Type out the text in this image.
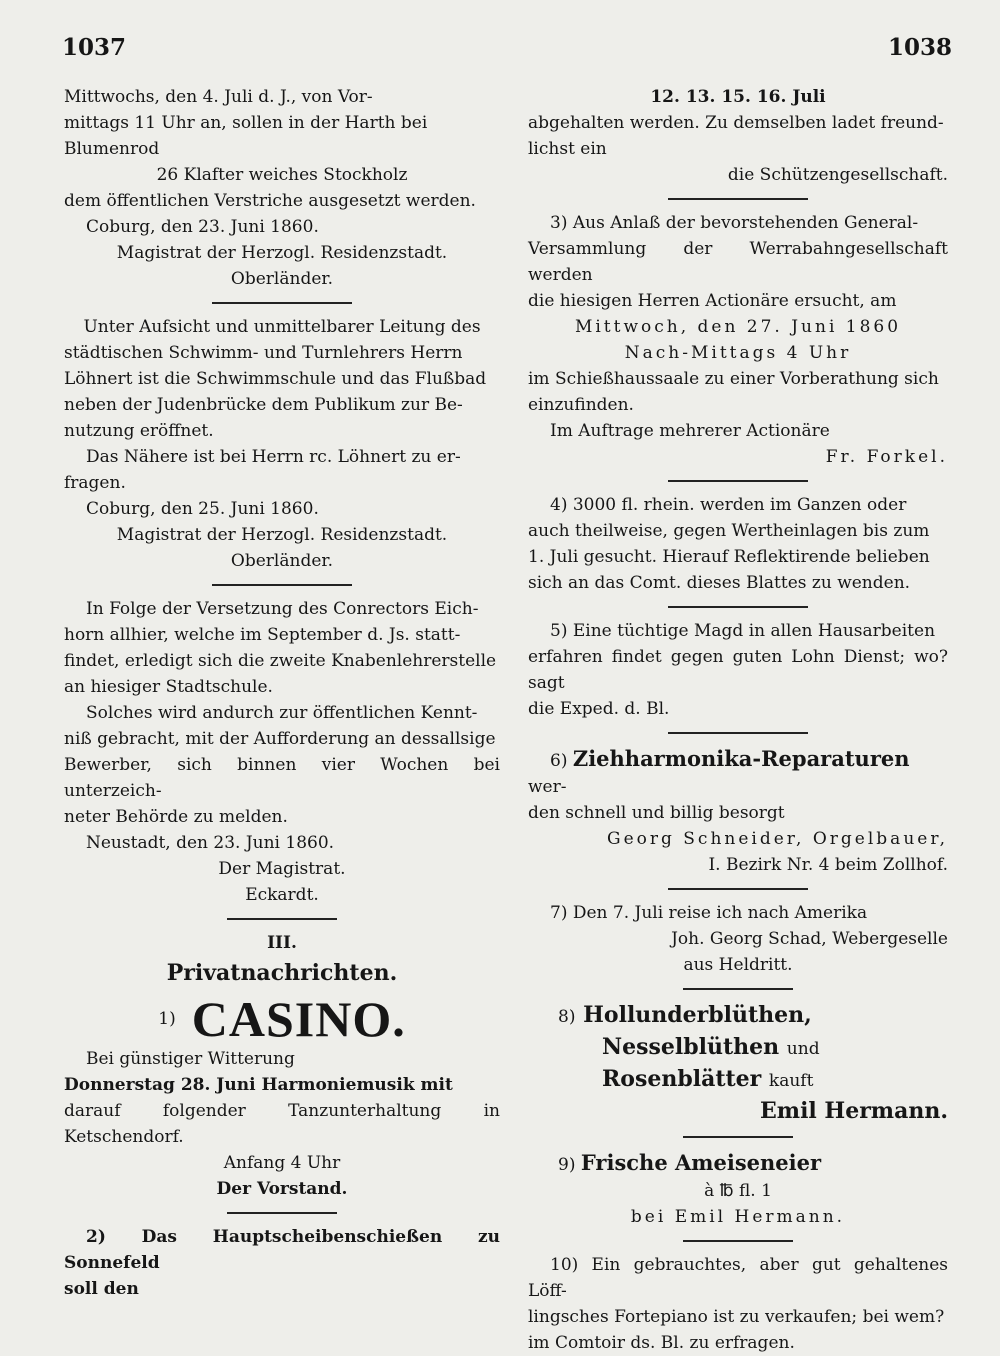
1037	1038

Mittwochs, den 4. Juli d. J., von Vor-

mittags 11 Uhr an, sollen in der Harth bei

Blumenrod

26 Klafter weiches Stockholz

dem öffentlichen Verstriche ausgesetzt werden.

Coburg, den 23. Juni 1860.

Magistrat der Herzogl. Residenzstadt.

Oberländer.

Unter Aufsicht und unmittelbarer Leitung des

städtischen Schwimm- und Turnlehrers Herrn

Löhnert ist die Schwimmschule und das Flußbad

neben der Judenbrücke dem Publikum zur Be-

nutzung eröffnet.

Das Nähere ist bei Herrn rc. Löhnert zu er-

fragen.

Coburg, den 25. Juni 1860.

Magistrat der Herzogl. Residenzstadt.

Oberländer.

In Folge der Versetzung des Conrectors Eich-

horn allhier, welche im September d. Js. statt-

findet, erledigt sich die zweite Knabenlehrerstelle

an hiesiger Stadtschule.

Solches wird andurch zur öffentlichen Kennt-

niß gebracht, mit der Aufforderung an dessallsige

Bewerber, sich binnen vier Wochen bei unterzeich-

neter Behörde zu melden.

Neustadt, den 23. Juni 1860.

Der Magistrat.

Eckardt.

III.

Privatnachrichten.

1) CASINO.

Bei günstiger Witterung

Donnerstag 28. Juni Harmoniemusik mit

darauf folgender Tanzunterhaltung in Ketschendorf.

Anfang 4 Uhr

Der Vorstand.

2) Das Hauptscheibenschießen zu Sonnefeld

soll den

12. 13. 15. 16. Juli

abgehalten werden. Zu demselben ladet freund-

lichst ein

die Schützengesellschaft.

3) Aus Anlaß der bevorstehenden General-

Versammlung der Werrabahngesellschaft werden

die hiesigen Herren Actionäre ersucht, am

Mittwoch, den 27. Juni 1860

Nach-Mittags 4 Uhr

im Schießhaussaale zu einer Vorberathung sich

einzufinden.

Im Auftrage mehrerer Actionäre

Fr. Forkel.

4) 3000 fl. rhein. werden im Ganzen oder

auch theilweise, gegen Wertheinlagen bis zum

1. Juli gesucht. Hierauf Reflektirende belieben

sich an das Comt. dieses Blattes zu wenden.

5) Eine tüchtige Magd in allen Hausarbeiten

erfahren findet gegen guten Lohn Dienst; wo? sagt

die Exped. d. Bl.

6) Ziehharmonika-Reparaturen wer-

den schnell und billig besorgt

Georg Schneider, Orgelbauer,

I. Bezirk Nr. 4 beim Zollhof.

7) Den 7. Juli reise ich nach Amerika

Joh. Georg Schad, Webergeselle

aus Heldritt.

8) Hollunderblüthen,

Nesselblüthen und

Rosenblätter kauft

Emil Hermann.

9) Frische Ameiseneier

à ℔ fl. 1

bei Emil Hermann.

10) Ein gebrauchtes, aber gut gehaltenes Löff-

lingsches Fortepiano ist zu verkaufen; bei wem?

im Comtoir ds. Bl. zu erfragen.
